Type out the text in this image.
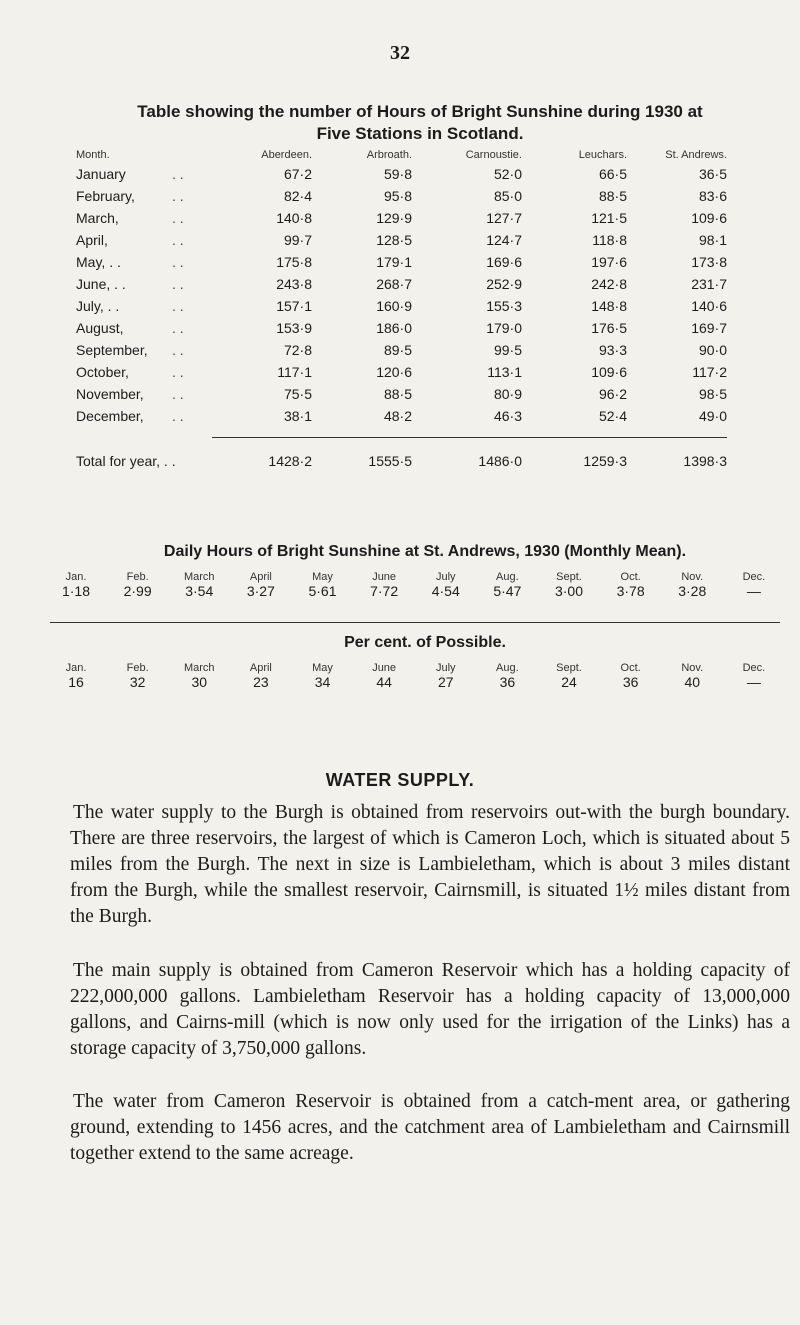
32
Table showing the number of Hours of Bright Sunshine during 1930 at
Five Stations in Scotland.
Month.		Aberdeen.	Arbroath.	Carnoustie.	Leuchars.	St. Andrews.
January	. .	67·2	59·8	52·0	66·5	36·5
February,	. .	82·4	95·8	85·0	88·5	83·6
March,	. .	140·8	129·9	127·7	121·5	109·6
April,	. .	99·7	128·5	124·7	118·8	98·1
May, . .	. .	175·8	179·1	169·6	197·6	173·8
June, . .	. .	243·8	268·7	252·9	242·8	231·7
July, . .	. .	157·1	160·9	155·3	148·8	140·6
August,	. .	153·9	186·0	179·0	176·5	169·7
September,	. .	72·8	89·5	99·5	93·3	90·0
October,	. .	117·1	120·6	113·1	109·6	117·2
November,	. .	75·5	88·5	80·9	96·2	98·5
December,	. .	38·1	48·2	46·3	52·4	49·0

Total for year, . .		1428·2	1555·5	1486·0	1259·3	1398·3
Daily Hours of Bright Sunshine at St. Andrews, 1930 (Monthly Mean).
Jan.	Feb.	March	April	May	June	July	Aug.	Sept.	Oct.	Nov.	Dec.
1·18	2·99	3·54	3·27	5·61	7·72	4·54	5·47	3·00	3·78	3·28	—
Per cent. of Possible.
Jan.	Feb.	March	April	May	June	July	Aug.	Sept.	Oct.	Nov.	Dec.
16	32	30	23	34	44	27	36	24	36	40	—
WATER SUPPLY.
The water supply to the Burgh is obtained from reservoirs out-with the burgh boundary. There are three reservoirs, the largest of which is Cameron Loch, which is situated about 5 miles from the Burgh. The next in size is Lambieletham, which is about 3 miles distant from the Burgh, while the smallest reservoir, Cairnsmill, is situated 1½ miles distant from the Burgh.
The main supply is obtained from Cameron Reservoir which has a holding capacity of 222,000,000 gallons. Lambieletham Reservoir has a holding capacity of 13,000,000 gallons, and Cairns-mill (which is now only used for the irrigation of the Links) has a storage capacity of 3,750,000 gallons.
The water from Cameron Reservoir is obtained from a catch-ment area, or gathering ground, extending to 1456 acres, and the catchment area of Lambieletham and Cairnsmill together extend to the same acreage.
